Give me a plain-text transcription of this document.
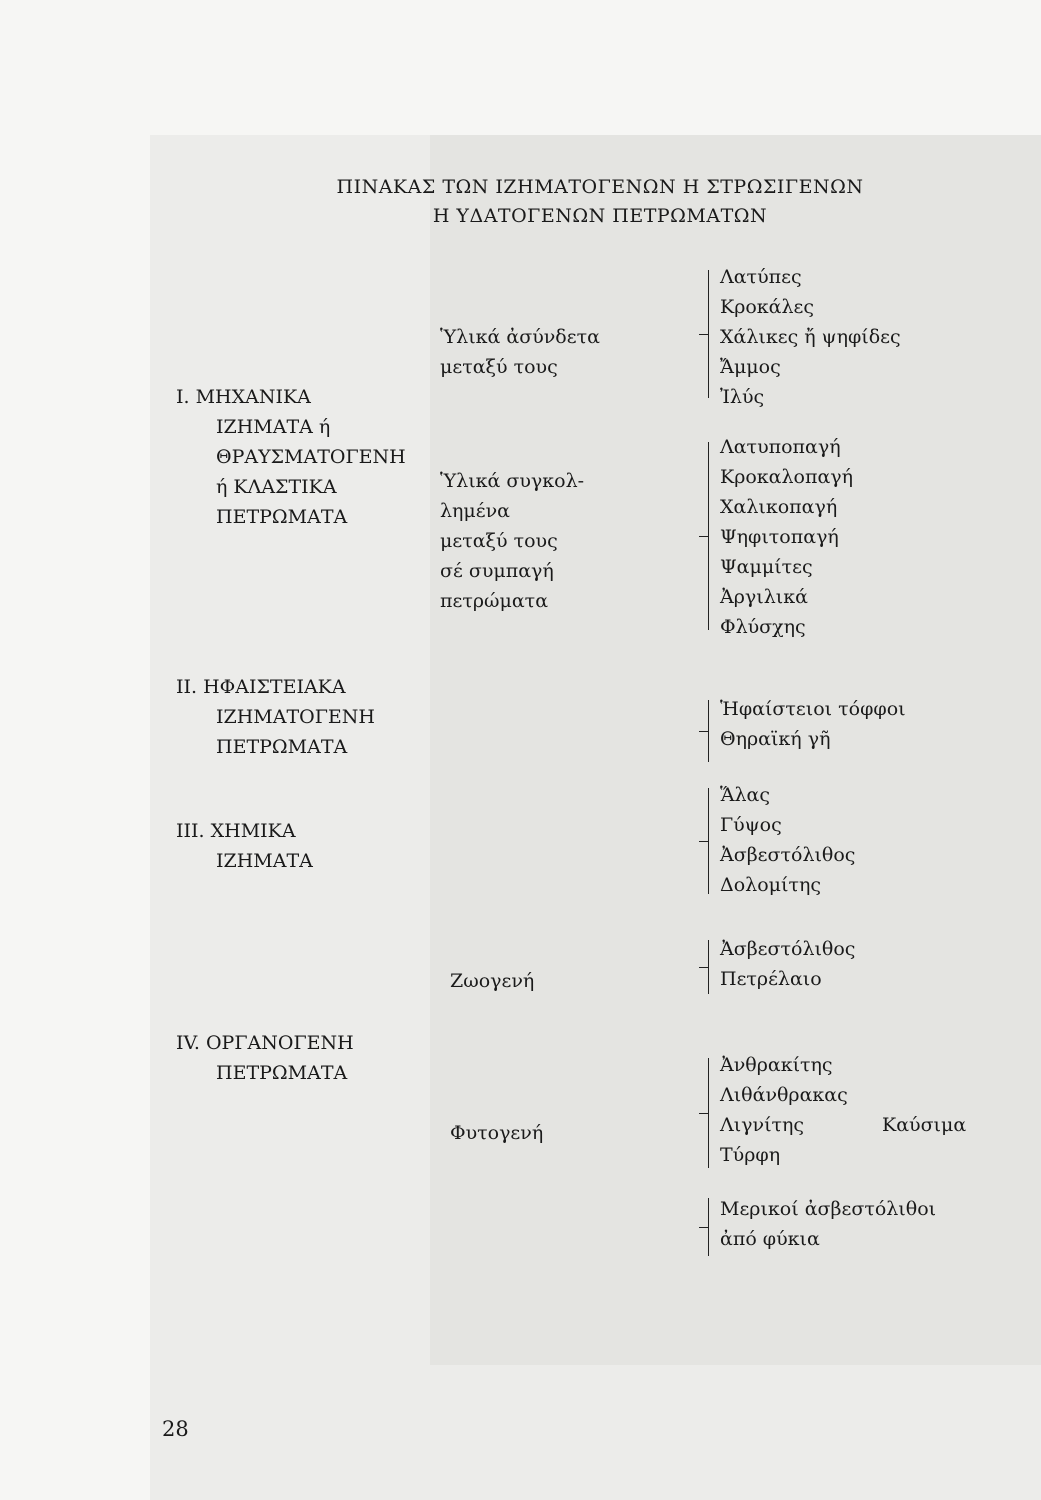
ΠΙΝΑΚΑΣ ΤΩΝ ΙΖΗΜΑΤΟΓΕΝΩΝ Η ΣΤΡΩΣΙΓΕΝΩΝ
Η ΥΔΑΤΟΓΕΝΩΝ ΠΕΤΡΩΜΑΤΩΝ
Ι. ΜΗΧΑΝΙΚΑ
ΙΖΗΜΑΤΑ ή
ΘΡΑΥΣΜΑΤΟΓΕΝΗ
ή ΚΛΑΣΤΙΚΑ
ΠΕΤΡΩΜΑΤΑ
Ὑλικά ἀσύνδετα
μεταξύ τους
Λατύπες
Κροκάλες
Χάλικες ἤ ψηφίδες
Ἄμμος
Ἰλύς
Ὑλικά συγκολ-
λημένα
μεταξύ τους
σέ συμπαγή
πετρώματα
Λατυποπαγή
Κροκαλοπαγή
Χαλικοπαγή
Ψηφιτοπαγή
Ψαμμίτες
Ἀργιλικά
Φλύσχης
ΙΙ. ΗΦΑΙΣΤΕΙΑΚΑ
ΙΖΗΜΑΤΟΓΕΝΗ
ΠΕΤΡΩΜΑΤΑ
Ἡφαίστειοι τόφφοι
Θηραϊκή γῆ
ΙΙΙ. ΧΗΜΙΚΑ
ΙΖΗΜΑΤΑ
Ἅλας
Γύψος
Ἀσβεστόλιθος
Δολομίτης
IV. ΟΡΓΑΝΟΓΕΝΗ
ΠΕΤΡΩΜΑΤΑ
Ζωογενή
Ἀσβεστόλιθος
Πετρέλαιο
Φυτογενή
Ἀνθρακίτης
Λιθάνθρακας
Λιγνίτης
Τύρφη
Καύσιμα
Μερικοί ἀσβεστόλιθοι
ἀπό φύκια
28
